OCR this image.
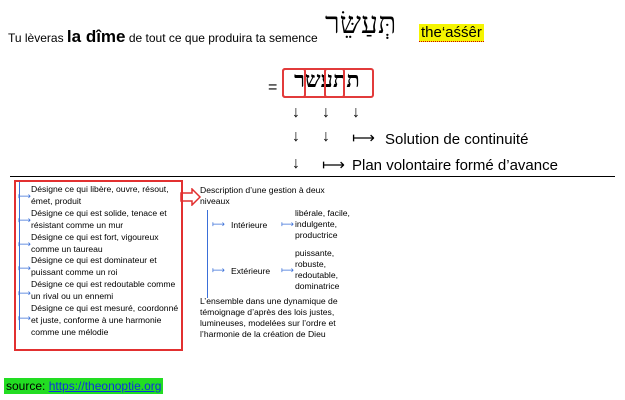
Tu lèveras la dîme de tout ce que produira ta semence תְּעַשֵּׂר the‘aśśêr
= תתעשר
↓ ↓ ↓
↓ ↓ ⟼ Solution de continuité
↓ ⟼ Plan volontaire formé d’avance
⟼
⟼
⟼
⟼
⟼
⟼
Désigne ce qui libère, ouvre, résout, émet, produit
Désigne ce qui est solide, tenace et résistant comme un mur
Désigne ce qui est fort, vigoureux comme un taureau
Désigne ce qui est dominateur et puissant comme un roi
Désigne ce qui est redoutable comme un rival ou un ennemi
Désigne ce qui est mesuré, coordonné et juste, conforme à une harmonie comme une mélodie
Description d’une gestion à deux niveaux
⟼ Intérieure ⟼
libérale, facile, indulgente, productrice
⟼ Extérieure ⟼
puissante, robuste, redoutable, dominatrice
L’ensemble dans une dynamique de témoignage d’après des lois justes, lumineuses, modelées sur l’ordre et l’harmonie de la création de Dieu
source: https://theonoptie.org
